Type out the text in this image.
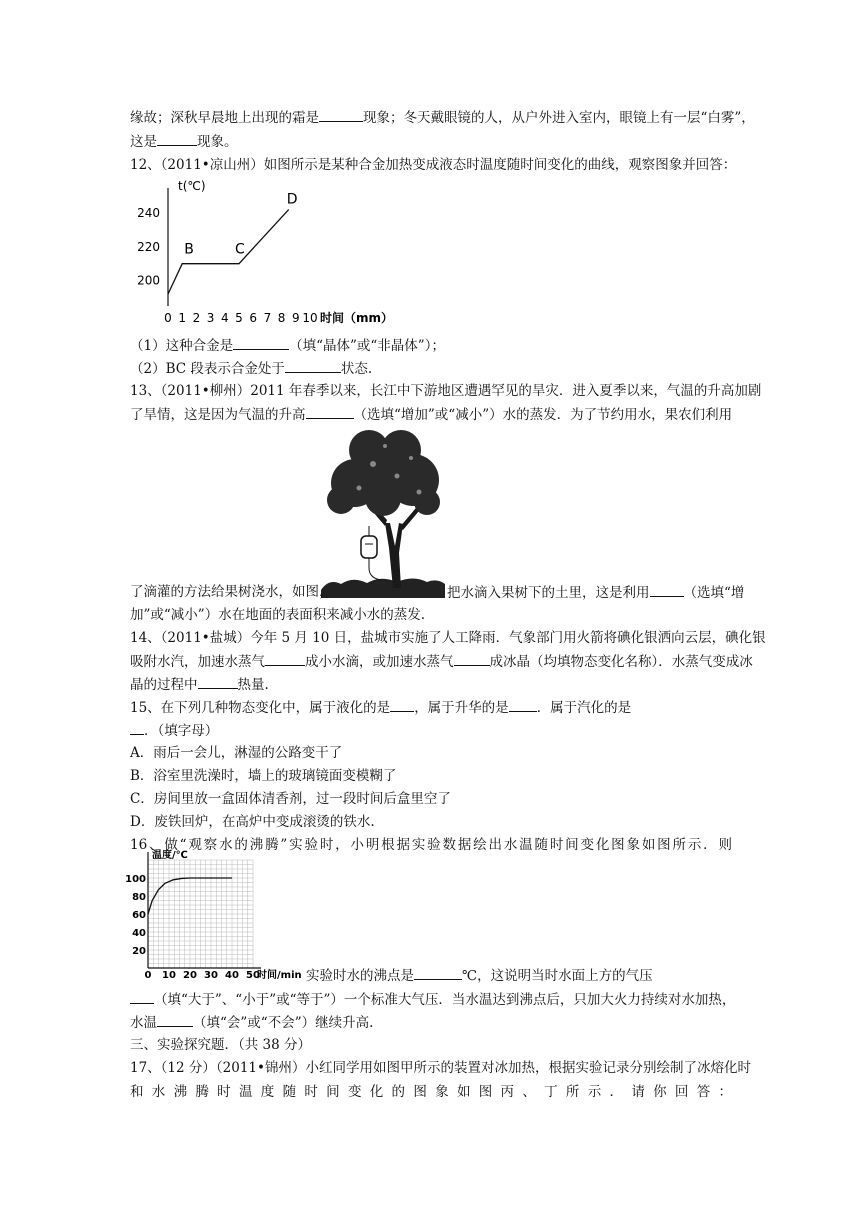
缘故；深秋早晨地上出现的霜是	现象；冬天戴眼镜的人，从户外进入室内，眼镜上有一层“白雾”，
这是	现象。
12、（2011•凉山州）如图所示是某种合金加热变成液态时温度随时间变化的曲线，观察图象并回答：
t(℃)
200
220
240
0 1 2 3 4 5 6 7 8 9 10 时间（mm）
B	C
D
（1）这种合金是	（填“晶体”或“非晶体”）；
（2）BC 段表示合金处于	状态.
13、（2011•柳州）2011 年春季以来，长江中下游地区遭遇罕见的旱灾．进入夏季以来，气温的升高加剧
了旱情，这是因为气温的升高	（选填“增加”或“减小”）水的蒸发．为了节约用水，果农们利用
了滴灌的方法给果树浇水，如图，	把水滴入果树下的土里，这是利用	（选填“增
加”或“减小”）水在地面的表面积来减小水的蒸发.
14、（2011•盐城）今年 5 月 10 日，盐城市实施了人工降雨．气象部门用火箭将碘化银洒向云层，碘化银
吸附水汽，加速水蒸气	成小水滴，或加速水蒸气	成冰晶（均填物态变化名称）．水蒸气变成冰
晶的过程中	热量.
15、在下列几种物态变化中，属于液化的是 ，属于升华的是 ．属于汽化的是
．（填字母）
A．雨后一会儿，淋湿的公路变干了
B．浴室里洗澡时，墙上的玻璃镜面变模糊了
C．房间里放一盒固体清香剂，过一段时间后盒里空了
D．废铁回炉，在高炉中变成滚烫的铁水.
16、做“观察水的沸腾”实验时，小明根据实验数据绘出水温随时间变化图象如图所示．则
温度/℃
20
40
60
80
100
0 10 20 30 40 50
时间/min 实验时水的沸点是	℃，这说明当时水面上方的气压
（填“大于”、“小于”或“等于”）一个标准大气压．当水温达到沸点后，只加大火力持续对水加热，
水温	（填“会”或“不会”）继续升高.
三、实验探究题．（共 38 分）
17、（12 分）（2011•锦州）小红同学用如图甲所示的装置对冰加热，根据实验记录分别绘制了冰熔化时
和水沸腾时温度随时间变化的图象如图丙、丁所示．请你回答：
